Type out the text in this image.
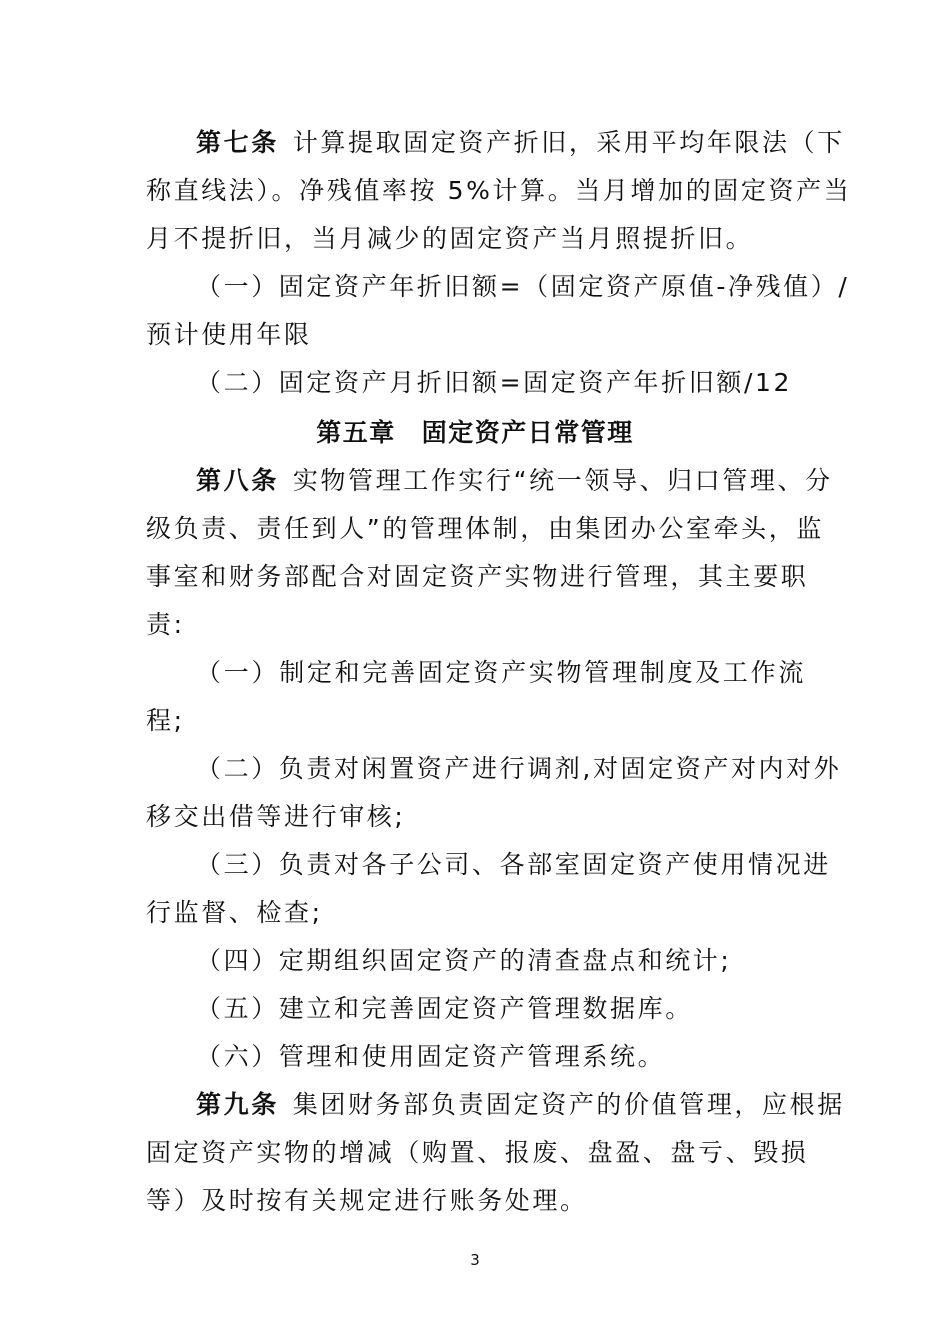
第七条 计算提取固定资产折旧，采用平均年限法（下
称直线法）。净残值率按 5%计算。当月增加的固定资产当
月不提折旧，当月减少的固定资产当月照提折旧。
（一）固定资产年折旧额=（固定资产原值-净残值）/
预计使用年限
（二）固定资产月折旧额=固定资产年折旧额/12
第五章 固定资产日常管理
第八条 实物管理工作实行“统一领导、归口管理、分
级负责、责任到人”的管理体制，由集团办公室牵头，监
事室和财务部配合对固定资产实物进行管理，其主要职
责:
（一）制定和完善固定资产实物管理制度及工作流
程;
（二）负责对闲置资产进行调剂,对固定资产对内对外
移交出借等进行审核;
（三）负责对各子公司、各部室固定资产使用情况进
行监督、检查;
（四）定期组织固定资产的清查盘点和统计;
（五）建立和完善固定资产管理数据库。
（六）管理和使用固定资产管理系统。
第九条 集团财务部负责固定资产的价值管理，应根据
固定资产实物的增减（购置、报废、盘盈、盘亏、毁损
等）及时按有关规定进行账务处理。
3
